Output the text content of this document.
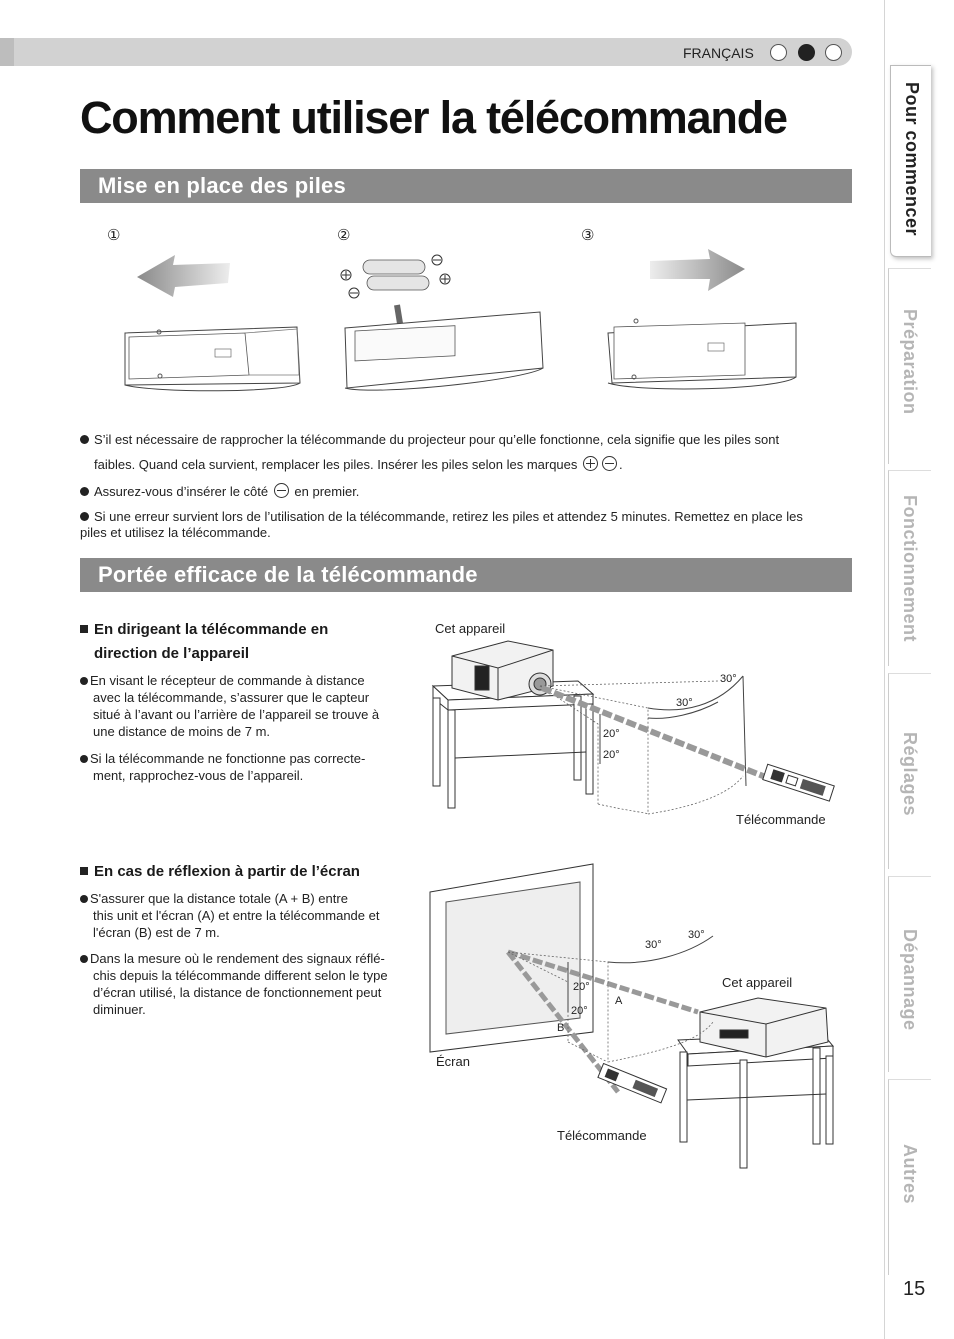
FRANÇAIS
Comment utiliser la télécommande
Mise en place des piles
①	②	③
S’il est nécessaire de rapprocher la télécommande du projecteur pour qu’elle fonctionne, cela signifie que les piles sont
faibles. Quand cela survient, remplacer les piles. Insérer les piles selon les marques	.
Assurez-vous d’insérer le côté en premier.
Si une erreur survient lors de l’utilisation de la télécommande, retirez les piles et attendez 5 minutes. Remettez en place les
piles et utilisez la télécommande.
Portée efficace de la télécommande
En dirigeant la télécommande en
direction de l’appareil
En visant le récepteur de commande à distance
avec la télécommande, s’assurer que le capteur
situé à l’avant ou l’arrière de l’appareil se trouve à
une distance de moins de 7 m.
Si la télécommande ne fonctionne pas correcte-
ment, rapprochez-vous de l’appareil.
Cet appareil
30°
30°
20°
20°
Télécommande
En cas de réflexion à partir de l’écran
S'assurer que la distance totale (A + B) entre
this unit et l'écran (A) et entre la télécommande et
l'écran (B) est de 7 m.
Dans la mesure où le rendement des signaux réflé-
chis depuis la télécommande different selon le type
d’écran utilisé, la distance de fonctionnement peut
diminuer.
30°
30°
20°
20°
Cet appareil
A
B
Écran
Télécommande
Pour commencer
Préparation
Fonctionnement
Réglages
Dépannage
Autres
15
